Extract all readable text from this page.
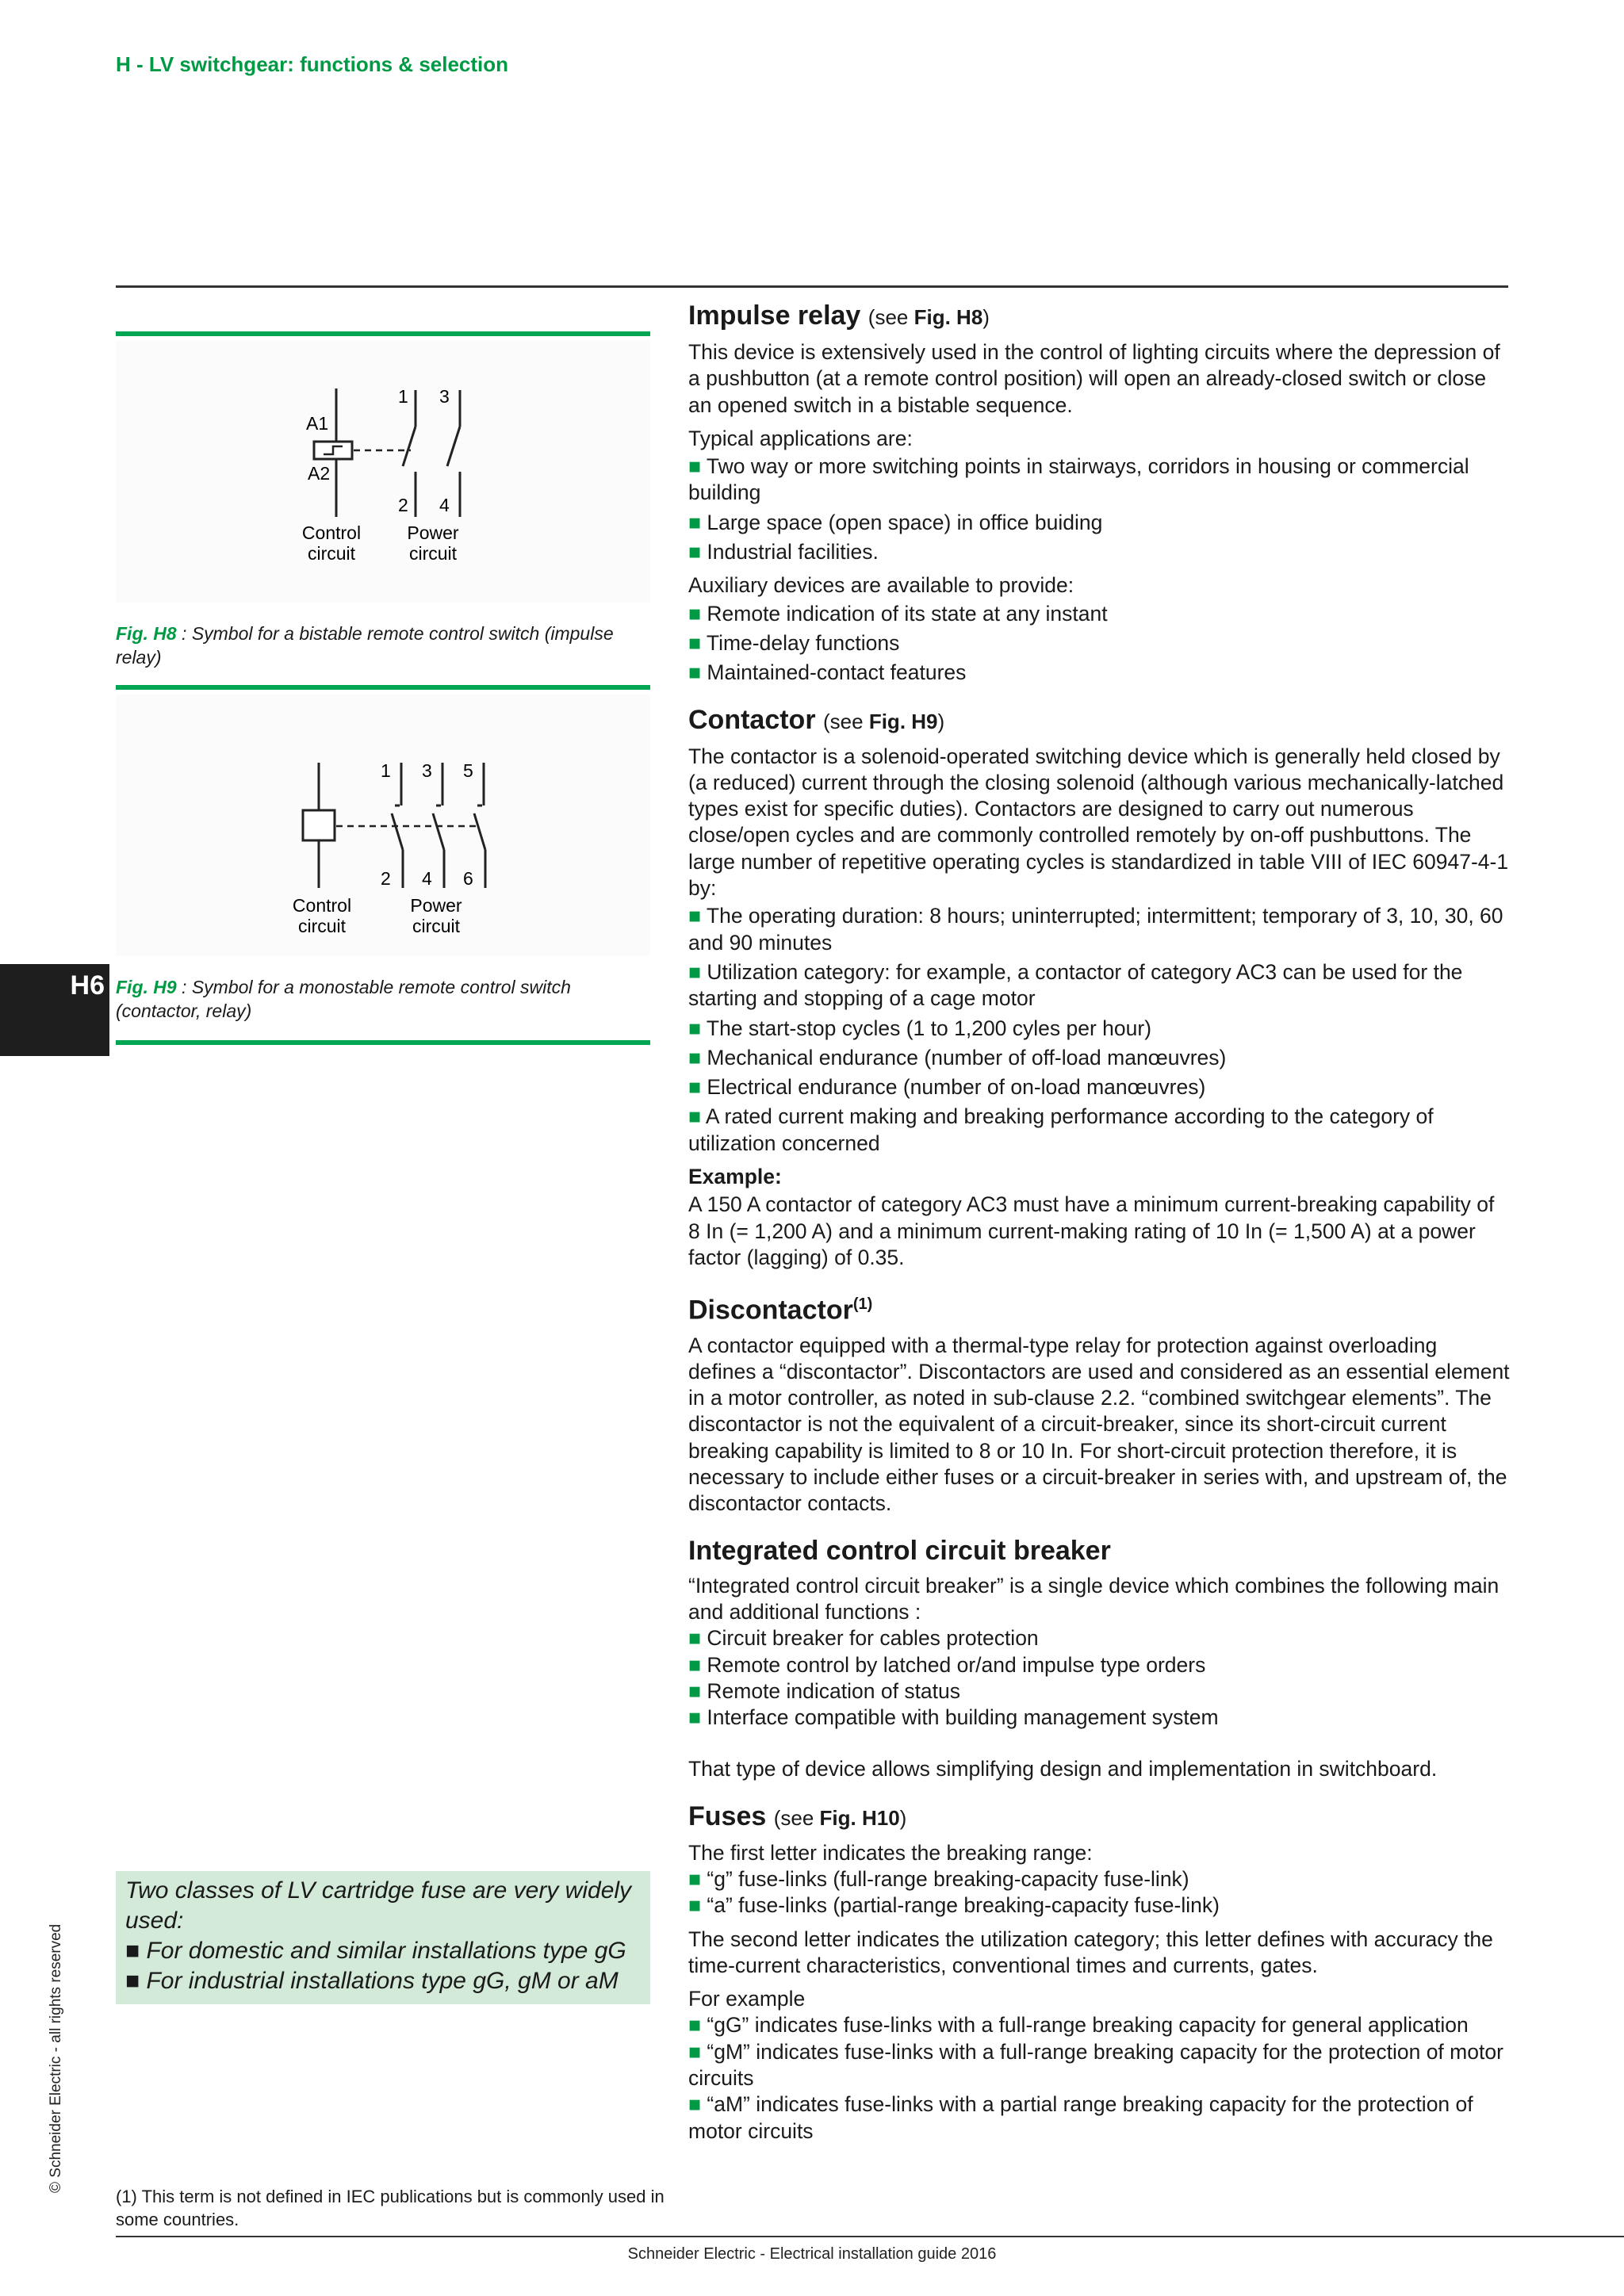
H - LV switchgear: functions & selection
A1
A2
1 3
2 4
Control
circuit
Power
circuit
Fig. H8 : Symbol for a bistable remote control switch (impulse relay)
1 3 5
2 4 6
Control
circuit
Power
circuit
Fig. H9 : Symbol for a monostable remote control switch (contactor, relay)
H6
Two classes of LV cartridge fuse are very widely used:
■ For domestic and similar installations type gG
■ For industrial installations type gG, gM or aM
© Schneider Electric - all rights reserved
(1) This term is not defined in IEC publications but is commonly used in some countries.
Schneider Electric - Electrical installation guide 2016
Impulse relay (see Fig. H8)

This device is extensively used in the control of lighting circuits where the depression of a pushbutton (at a remote control position) will open an already-closed switch or close an opened switch in a bistable sequence.

Typical applications are:

■ Two way or more switching points in stairways, corridors in housing or commercial building
■ Large space (open space) in office buiding
■ Industrial facilities.

Auxiliary devices are available to provide:

■ Remote indication of its state at any instant
■ Time-delay functions
■ Maintained-contact features
Contactor (see Fig. H9)

The contactor is a solenoid-operated switching device which is generally held closed by (a reduced) current through the closing solenoid (although various mechanically-latched types exist for specific duties). Contactors are designed to carry out numerous close/open cycles and are commonly controlled remotely by on-off pushbuttons. The large number of repetitive operating cycles is standardized in table VIII of IEC 60947-4-1 by:

■ The operating duration: 8 hours; uninterrupted; intermittent; temporary of 3, 10, 30, 60 and 90 minutes
■ Utilization category: for example, a contactor of category AC3 can be used for the starting and stopping of a cage motor
■ The start-stop cycles (1 to 1,200 cyles per hour)
■ Mechanical endurance (number of off-load manœuvres)
■ Electrical endurance (number of on-load manœuvres)
■ A rated current making and breaking performance according to the category of utilization concerned

Example:

A 150 A contactor of category AC3 must have a minimum current-breaking capability of 8 In (= 1,200 A) and a minimum current-making rating of 10 In (= 1,500 A) at a power factor (lagging) of 0.35.

Discontactor$^{(1)}$

A contactor equipped with a thermal-type relay for protection against overloading defines a “discontactor”. Discontactors are used and considered as an essential element in a motor controller, as noted in sub-clause 2.2. “combined switchgear elements”. The discontactor is not the equivalent of a circuit-breaker, since its short-circuit current breaking capability is limited to 8 or 10 In. For short-circuit protection therefore, it is necessary to include either fuses or a circuit-breaker in series with, and upstream of, the discontactor contacts.

Integrated control circuit breaker

“Integrated control circuit breaker” is a single device which combines the following main and additional functions :

■ Circuit breaker for cables protection
■ Remote control by latched or/and impulse type orders
■ Remote indication of status
■ Interface compatible with building management system

That type of device allows simplifying design and implementation in switchboard.

Fuses (see Fig. H10)

The first letter indicates the breaking range:

■ “g” fuse-links (full-range breaking-capacity fuse-link)
■ “a” fuse-links (partial-range breaking-capacity fuse-link)

The second letter indicates the utilization category; this letter defines with accuracy the time-current characteristics, conventional times and currents, gates.

For example

■ “gG” indicates fuse-links with a full-range breaking capacity for general application
■ “gM” indicates fuse-links with a full-range breaking capacity for the protection of motor circuits
■ “aM” indicates fuse-links with a partial range breaking capacity for the protection of motor circuits
